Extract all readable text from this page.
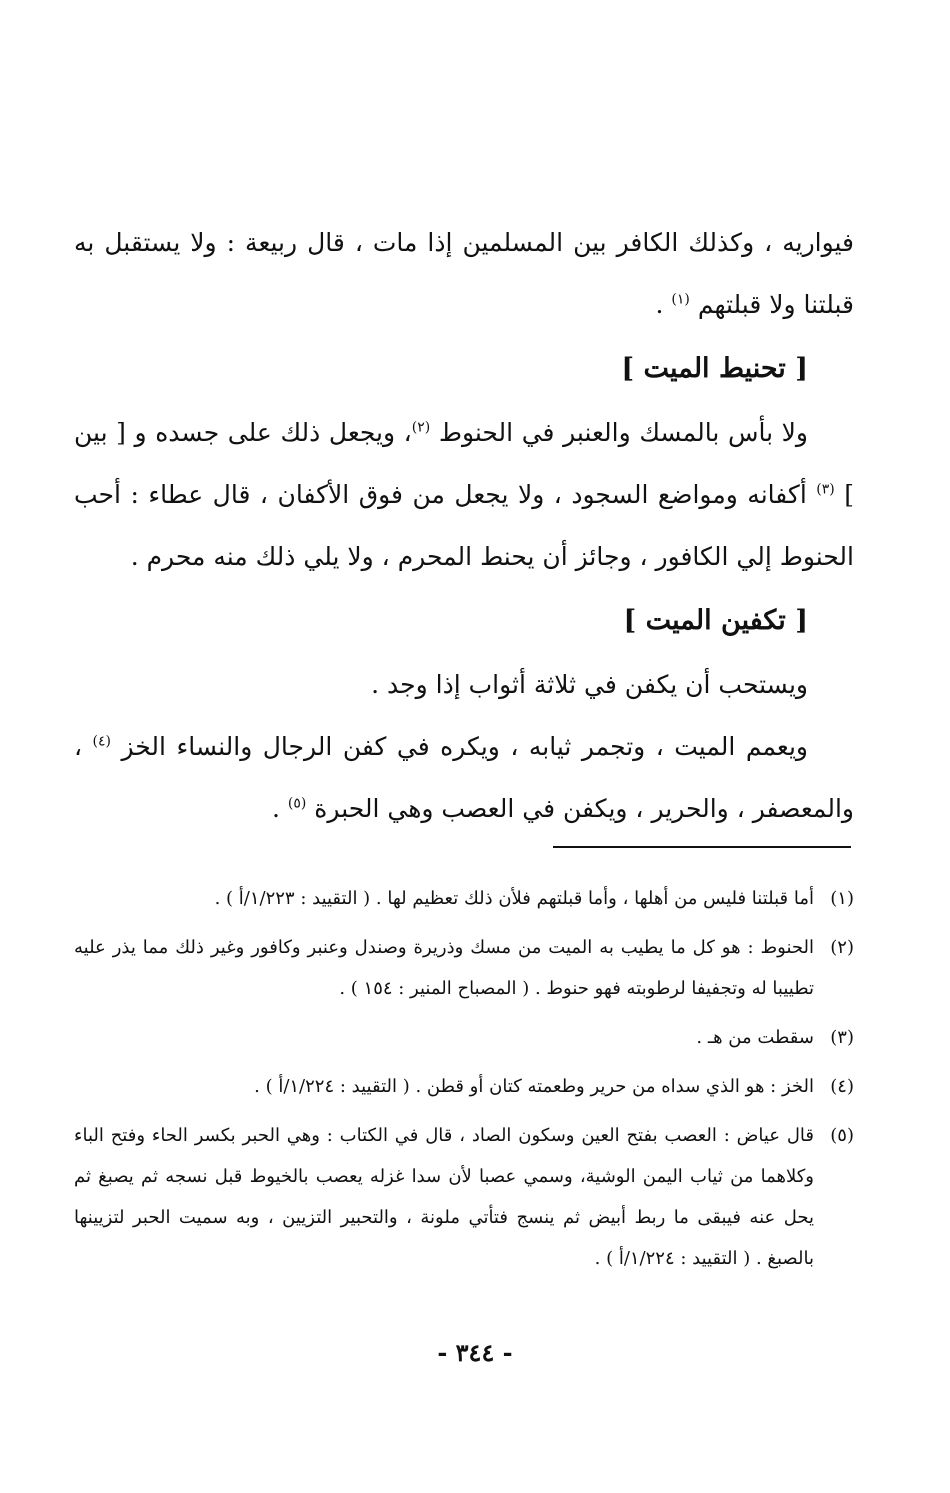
فيواريه ، وكذلك الكافر بين المسلمين إذا مات ، قال ربيعة : ولا يستقبل به قبلتنا ولا قبلتهم $^{(١)}$ .

[ تحنيط الميت ]

ولا بأس بالمسك والعنبر في الحنوط $^{(٢)}$، ويجعل ذلك على جسده و [ بين ] $^{(٣)}$ أكفانه ومواضع السجود ، ولا يجعل من فوق الأكفان ، قال عطاء : أحب الحنوط إلي الكافور ، وجائز أن يحنط المحرم ، ولا يلي ذلك منه محرم .

[ تكفين الميت ]

ويستحب أن يكفن في ثلاثة أثواب إذا وجد .

ويعمم الميت ، وتجمر ثيابه ، ويكره في كفن الرجال والنساء الخز $^{(٤)}$ ، والمعصفر ، والحرير ، ويكفن في العصب وهي الحبرة $^{(٥)}$ .

(١)
أما قبلتنا فليس من أهلها ، وأما قبلتهم فلأن ذلك تعظيم لها . ( التقييد : ١/٢٢٣/أ ) .
(٢)
الحنوط : هو كل ما يطيب به الميت من مسك وذريرة وصندل وعنبر وكافور وغير ذلك مما يذر عليه تطييبا له وتجفيفا لرطوبته فهو حنوط . ( المصباح المنير : ١٥٤ ) .
(٣)
سقطت من هـ .
(٤)
الخز : هو الذي سداه من حرير وطعمته كتان أو قطن . ( التقييد : ١/٢٢٤/أ ) .
(٥)
قال عياض : العصب بفتح العين وسكون الصاد ، قال في الكتاب : وهي الحبر بكسر الحاء وفتح الباء وكلاهما من ثياب اليمن الوشية، وسمي عصبا لأن سدا غزله يعصب بالخيوط قبل نسجه ثم يصبغ ثم يحل عنه فيبقى ما ربط أبيض ثم ينسج فتأتي ملونة ، والتحبير التزيين ، وبه سميت الحبر لتزيينها بالصبغ . ( التقييد : ١/٢٢٤/أ ) .
- ٣٤٤ -
